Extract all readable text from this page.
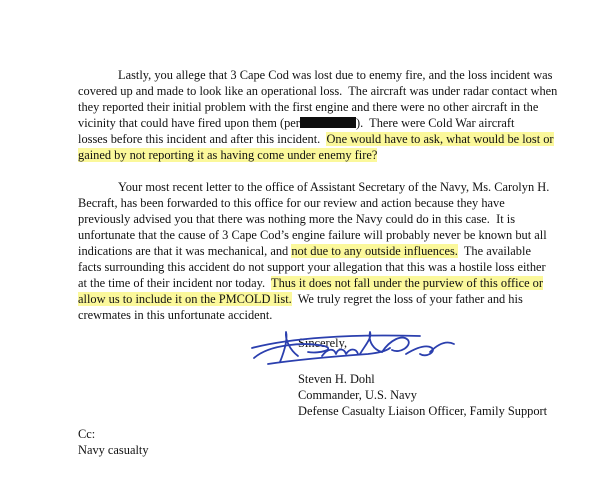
Lastly, you allege that 3 Cape Cod was lost due to enemy fire, and the loss incident was
covered up and made to look like an operational loss.  The aircraft was under radar contact when
they reported their initial problem with the first engine and there were no other aircraft in the
vicinity that could have fired upon them (per	).  There were Cold War aircraft
losses before this incident and after this incident.  One would have to ask, what would be lost or
gained by not reporting it as having come under enemy fire?
Your most recent letter to the office of Assistant Secretary of the Navy, Ms. Carolyn H.
Becraft, has been forwarded to this office for our review and action because they have
previously advised you that there was nothing more the Navy could do in this case.  It is
unfortunate that the cause of 3 Cape Cod’s engine failure will probably never be known but all
indications are that it was mechanical, and not due to any outside influences.  The available
facts surrounding this accident do not support your allegation that this was a hostile loss either
at the time of their incident nor today.  Thus it does not fall under the purview of this office or
allow us to include it on the PMCOLD list.  We truly regret the loss of your father and his
crewmates in this unfortunate accident.
Sincerely,
Steven H. Dohl
Commander, U.S. Navy
Defense Casualty Liaison Officer, Family Support
Cc:
Navy casualty
